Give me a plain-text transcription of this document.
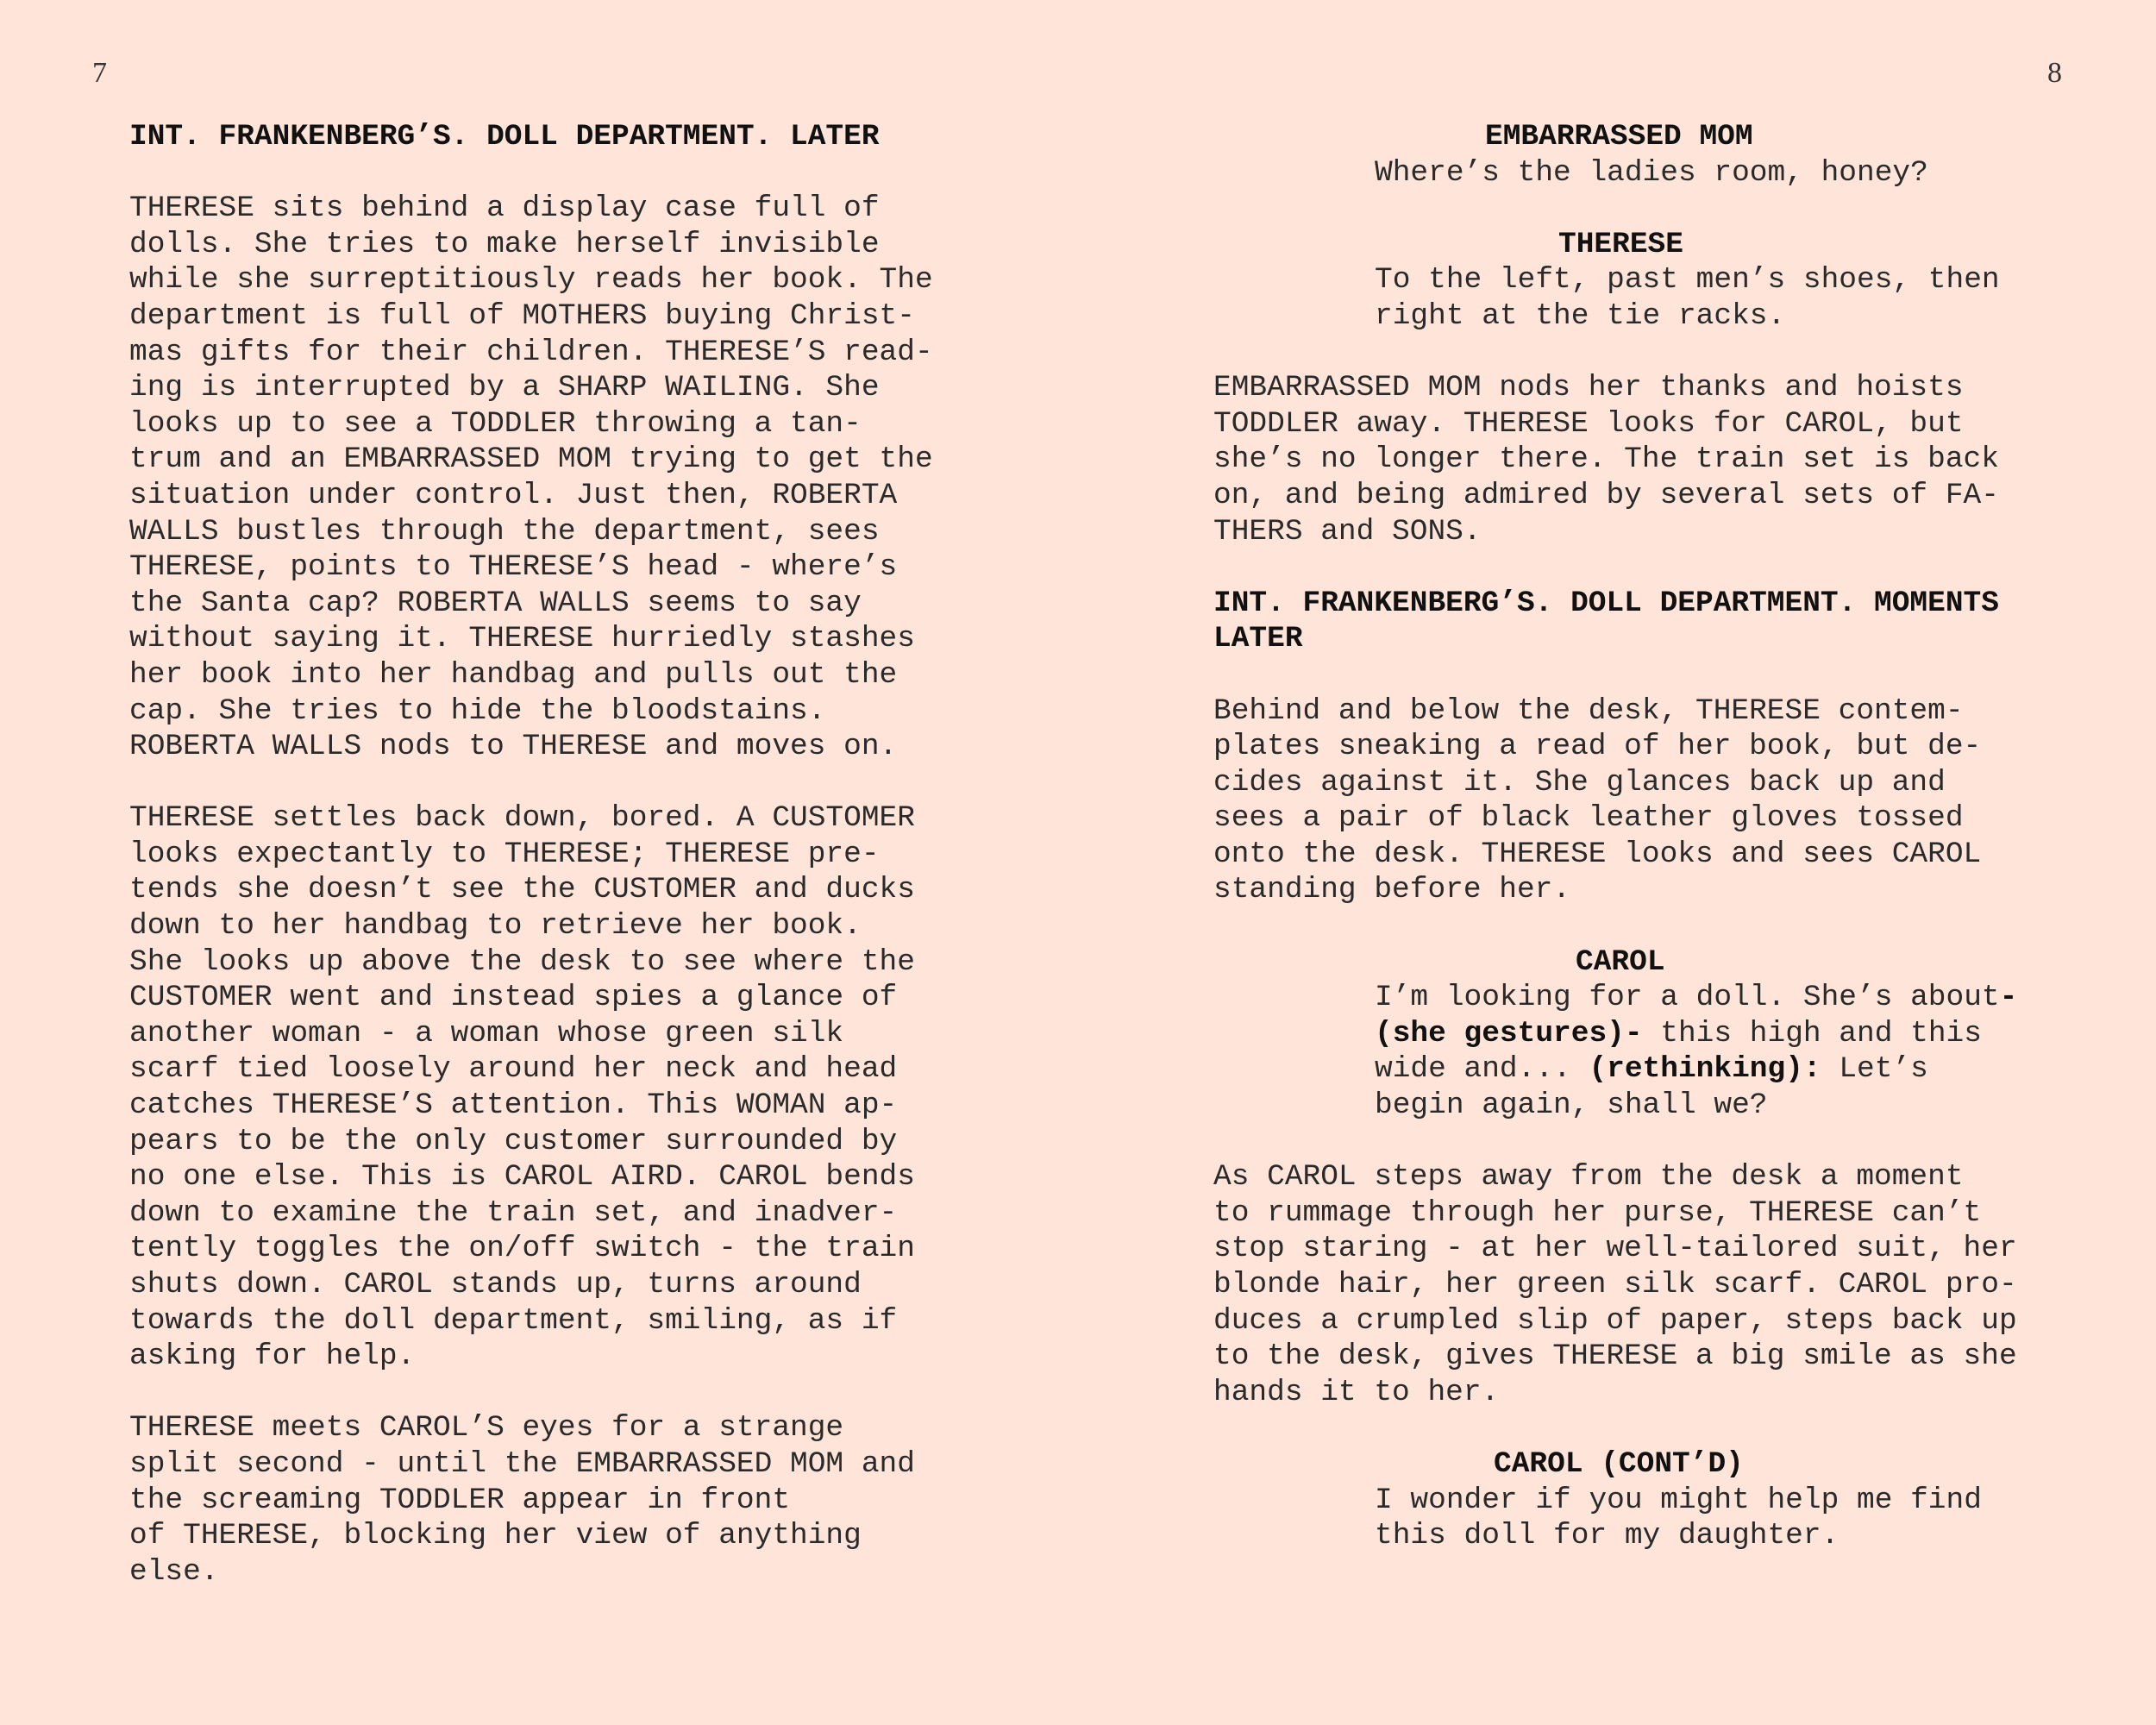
7	8
INT. FRANKENBERG’S. DOLL DEPARTMENT. LATER
THERESE sits behind a display case full of
dolls. She tries to make herself invisible
while she surreptitiously reads her book. The
department is full of MOTHERS buying Christ-
mas gifts for their children. THERESE’S read-
ing is interrupted by a SHARP WAILING. She
looks up to see a TODDLER throwing a tan-
trum and an EMBARRASSED MOM trying to get the
situation under control. Just then, ROBERTA
WALLS bustles through the department, sees
THERESE, points to THERESE’S head - where’s
the Santa cap? ROBERTA WALLS seems to say
without saying it. THERESE hurriedly stashes
her book into her handbag and pulls out the
cap. She tries to hide the bloodstains.
ROBERTA WALLS nods to THERESE and moves on.
THERESE settles back down, bored. A CUSTOMER
looks expectantly to THERESE; THERESE pre-
tends she doesn’t see the CUSTOMER and ducks
down to her handbag to retrieve her book.
She looks up above the desk to see where the
CUSTOMER went and instead spies a glance of
another woman - a woman whose green silk
scarf tied loosely around her neck and head
catches THERESE’S attention. This WOMAN ap-
pears to be the only customer surrounded by
no one else. This is CAROL AIRD. CAROL bends
down to examine the train set, and inadver-
tently toggles the on/off switch - the train
shuts down. CAROL stands up, turns around
towards the doll department, smiling, as if
asking for help.
THERESE meets CAROL’S eyes for a strange
split second - until the EMBARRASSED MOM and
the screaming TODDLER appear in front
of THERESE, blocking her view of anything
else.
EMBARRASSED MOM
Where’s the ladies room, honey?
THERESE
To the left, past men’s shoes, then
right at the tie racks.
EMBARRASSED MOM nods her thanks and hoists
TODDLER away. THERESE looks for CAROL, but
she’s no longer there. The train set is back
on, and being admired by several sets of FA-
THERS and SONS.
INT. FRANKENBERG’S. DOLL DEPARTMENT. MOMENTS
LATER
Behind and below the desk, THERESE contem-
plates sneaking a read of her book, but de-
cides against it. She glances back up and
sees a pair of black leather gloves tossed
onto the desk. THERESE looks and sees CAROL
standing before her.
CAROL
I’m looking for a doll. She’s about-
(she gestures)- this high and this
wide and... (rethinking): Let’s
begin again, shall we?
As CAROL steps away from the desk a moment
to rummage through her purse, THERESE can’t
stop staring - at her well-tailored suit, her
blonde hair, her green silk scarf. CAROL pro-
duces a crumpled slip of paper, steps back up
to the desk, gives THERESE a big smile as she
hands it to her.
CAROL (CONT’D)
I wonder if you might help me find
this doll for my daughter.
